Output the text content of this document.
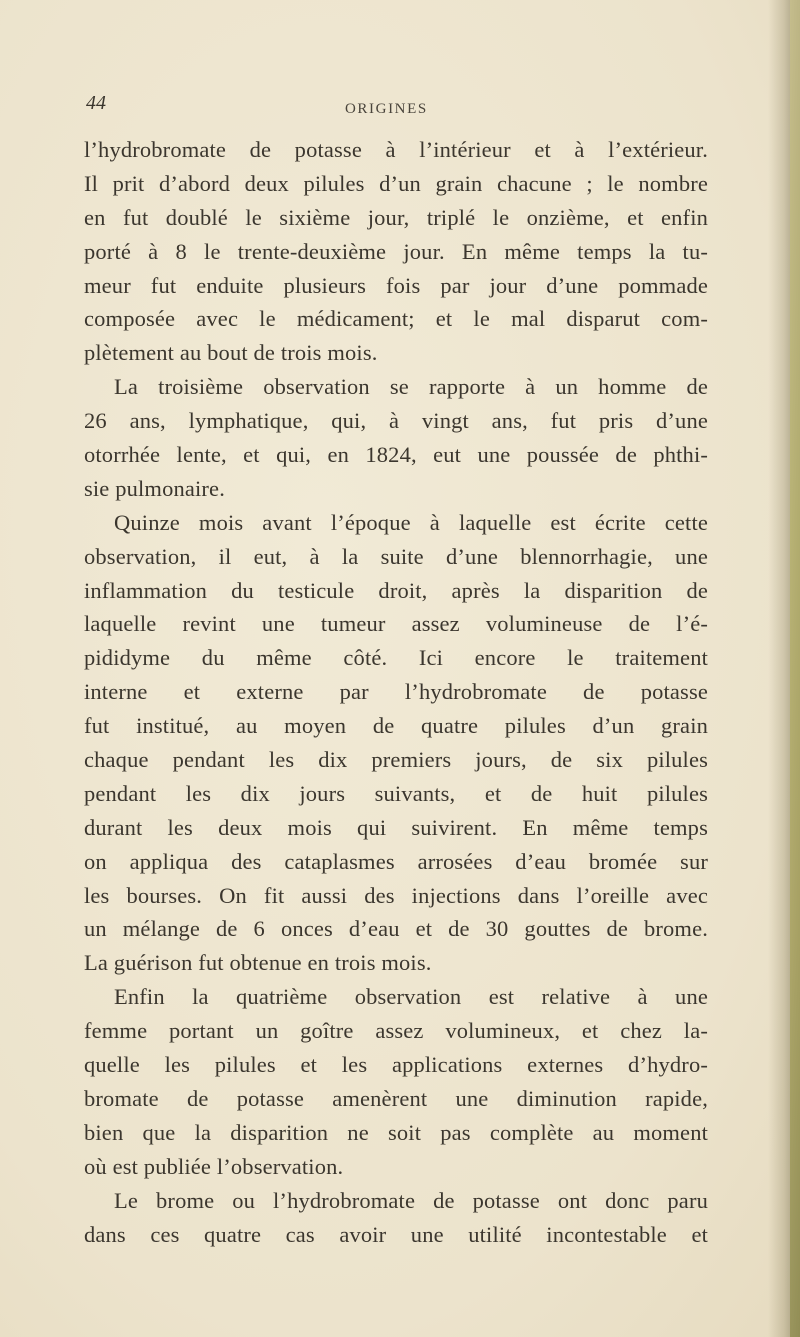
44	ORIGINES
l’hydrobromate de potasse à l’intérieur et à l’extérieur.
Il prit d’abord deux pilules d’un grain chacune ; le nombre
en fut doublé le sixième jour, triplé le onzième, et enfin
porté à 8 le trente-deuxième jour. En même temps la tu-
meur fut enduite plusieurs fois par jour d’une pommade
composée avec le médicament; et le mal disparut com-
plètement au bout de trois mois.
La troisième observation se rapporte à un homme de
26 ans, lymphatique, qui, à vingt ans, fut pris d’une
otorrhée lente, et qui, en 1824, eut une poussée de phthi-
sie pulmonaire.
Quinze mois avant l’époque à laquelle est écrite cette
observation, il eut, à la suite d’une blennorrhagie, une
inflammation du testicule droit, après la disparition de
laquelle revint une tumeur assez volumineuse de l’é-
pididyme du même côté. Ici encore le traitement
interne et externe par l’hydrobromate de potasse
fut institué, au moyen de quatre pilules d’un grain
chaque pendant les dix premiers jours, de six pilules
pendant les dix jours suivants, et de huit pilules
durant les deux mois qui suivirent. En même temps
on appliqua des cataplasmes arrosées d’eau bromée sur
les bourses. On fit aussi des injections dans l’oreille avec
un mélange de 6 onces d’eau et de 30 gouttes de brome.
La guérison fut obtenue en trois mois.
Enfin la quatrième observation est relative à une
femme portant un goître assez volumineux, et chez la-
quelle les pilules et les applications externes d’hydro-
bromate de potasse amenèrent une diminution rapide,
bien que la disparition ne soit pas complète au moment
où est publiée l’observation.
Le brome ou l’hydrobromate de potasse ont donc paru
dans ces quatre cas avoir une utilité incontestable et
